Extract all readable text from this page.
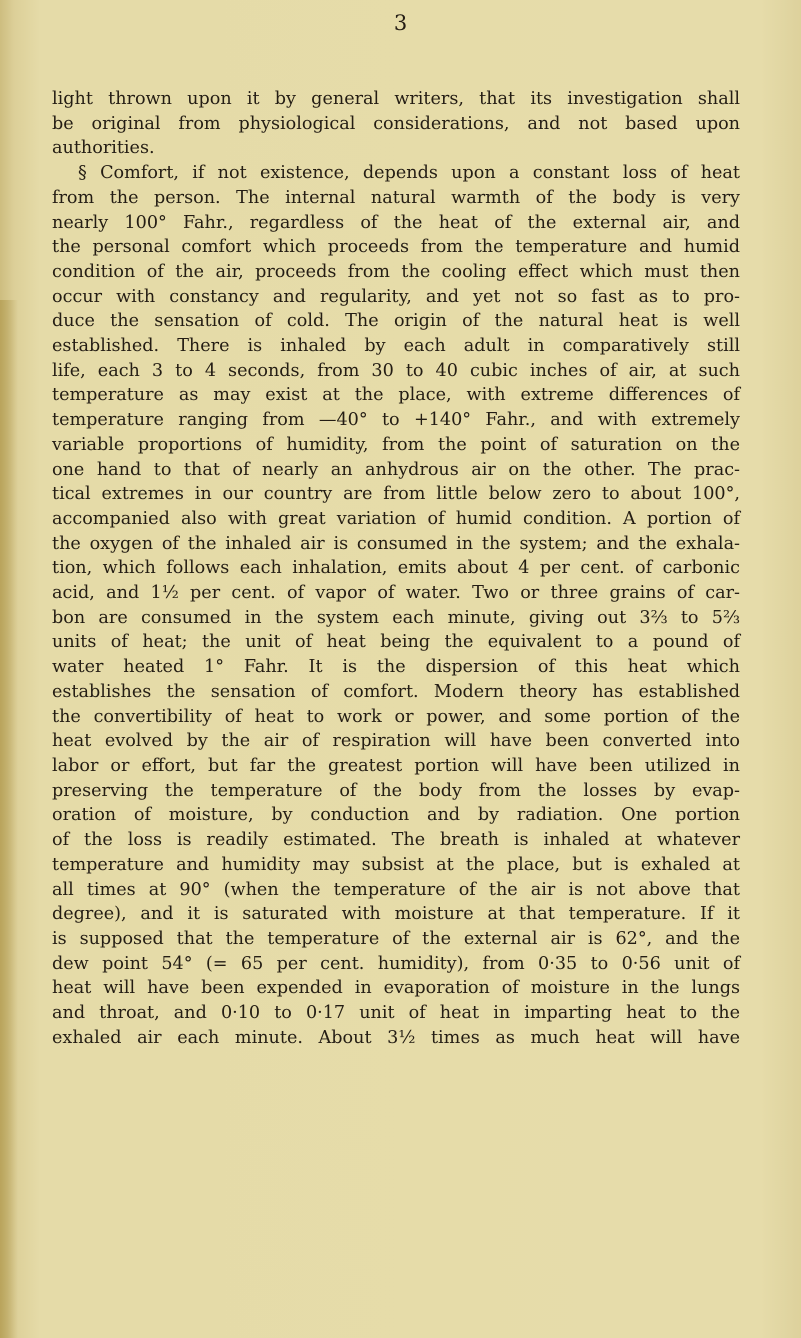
3
light thrown upon it by general writers, that its investigation shall
be original from physiological considerations, and not based upon
authorities.
§ Comfort, if not existence, depends upon a constant loss of heat
from the person. The internal natural warmth of the body is very
nearly 100° Fahr., regardless of the heat of the external air, and
the personal comfort which proceeds from the temperature and humid
condition of the air, proceeds from the cooling effect which must then
occur with constancy and regularity, and yet not so fast as to pro-
duce the sensation of cold. The origin of the natural heat is well
established. There is inhaled by each adult in comparatively still
life, each 3 to 4 seconds, from 30 to 40 cubic inches of air, at such
temperature as may exist at the place, with extreme differences of
temperature ranging from —40° to +140° Fahr., and with extremely
variable proportions of humidity, from the point of saturation on the
one hand to that of nearly an anhydrous air on the other. The prac-
tical extremes in our country are from little below zero to about 100°,
accompanied also with great variation of humid condition. A portion of
the oxygen of the inhaled air is consumed in the system; and the exhala-
tion, which follows each inhalation, emits about 4 per cent. of carbonic
acid, and 1½ per cent. of vapor of water. Two or three grains of car-
bon are consumed in the system each minute, giving out 3⅔ to 5⅔
units of heat; the unit of heat being the equivalent to a pound of
water heated 1° Fahr. It is the dispersion of this heat which
establishes the sensation of comfort. Modern theory has established
the convertibility of heat to work or power, and some portion of the
heat evolved by the air of respiration will have been converted into
labor or effort, but far the greatest portion will have been utilized in
preserving the temperature of the body from the losses by evap-
oration of moisture, by conduction and by radiation. One portion
of the loss is readily estimated. The breath is inhaled at whatever
temperature and humidity may subsist at the place, but is exhaled at
all times at 90° (when the temperature of the air is not above that
degree), and it is saturated with moisture at that temperature. If it
is supposed that the temperature of the external air is 62°, and the
dew point 54° (= 65 per cent. humidity), from 0·35 to 0·56 unit of
heat will have been expended in evaporation of moisture in the lungs
and throat, and 0·10 to 0·17 unit of heat in imparting heat to the
exhaled air each minute. About 3½ times as much heat will have
